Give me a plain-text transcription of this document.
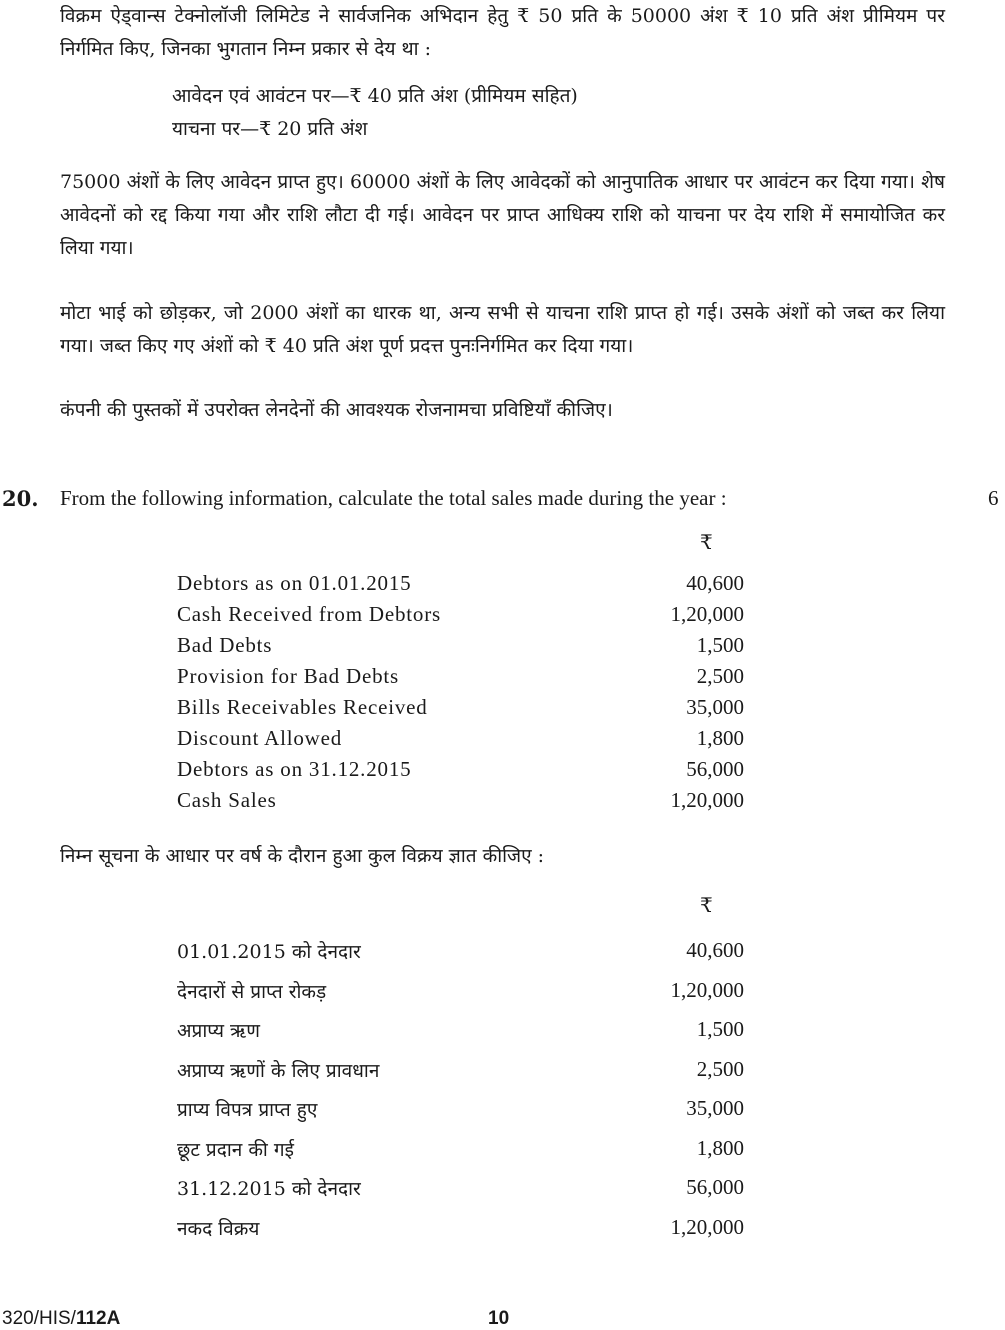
विक्रम ऐड्वान्स टेक्नोलॉजी लिमिटेड ने सार्वजनिक अभिदान हेतु ₹ 50 प्रति के 50000 अंश ₹ 10 प्रति अंश प्रीमियम पर निर्गमित किए, जिनका भुगतान निम्न प्रकार से देय था :
आवेदन एवं आवंटन पर—₹ 40 प्रति अंश (प्रीमियम सहित)
याचना पर—₹ 20 प्रति अंश
75000 अंशों के लिए आवेदन प्राप्त हुए। 60000 अंशों के लिए आवेदकों को आनुपातिक आधार पर आवंटन कर दिया गया। शेष आवेदनों को रद्द किया गया और राशि लौटा दी गई। आवेदन पर प्राप्त आधिक्य राशि को याचना पर देय राशि में समायोजित कर लिया गया।
मोटा भाई को छोड़कर, जो 2000 अंशों का धारक था, अन्य सभी से याचना राशि प्राप्त हो गई। उसके अंशों को जब्त कर लिया गया। जब्त किए गए अंशों को ₹ 40 प्रति अंश पूर्ण प्रदत्त पुनःनिर्गमित कर दिया गया।
कंपनी की पुस्तकों में उपरोक्त लेनदेनों की आवश्यक रोजनामचा प्रविष्टियाँ कीजिए।
20. From the following information, calculate the total sales made during the year :	6
₹
Debtors as on 01.01.2015	40,600
Cash Received from Debtors	1,20,000
Bad Debts	1,500
Provision for Bad Debts	2,500
Bills Receivables Received	35,000
Discount Allowed	1,800
Debtors as on 31.12.2015	56,000
Cash Sales	1,20,000
निम्न सूचना के आधार पर वर्ष के दौरान हुआ कुल विक्रय ज्ञात कीजिए :
₹
01.01.2015 को देनदार	40,600
देनदारों से प्राप्त रोकड़	1,20,000
अप्राप्य ऋण	1,500
अप्राप्य ऋणों के लिए प्रावधान	2,500
प्राप्य विपत्र प्राप्त हुए	35,000
छूट प्रदान की गई	1,800
31.12.2015 को देनदार	56,000
नकद विक्रय	1,20,000
320/HIS/112A	10
